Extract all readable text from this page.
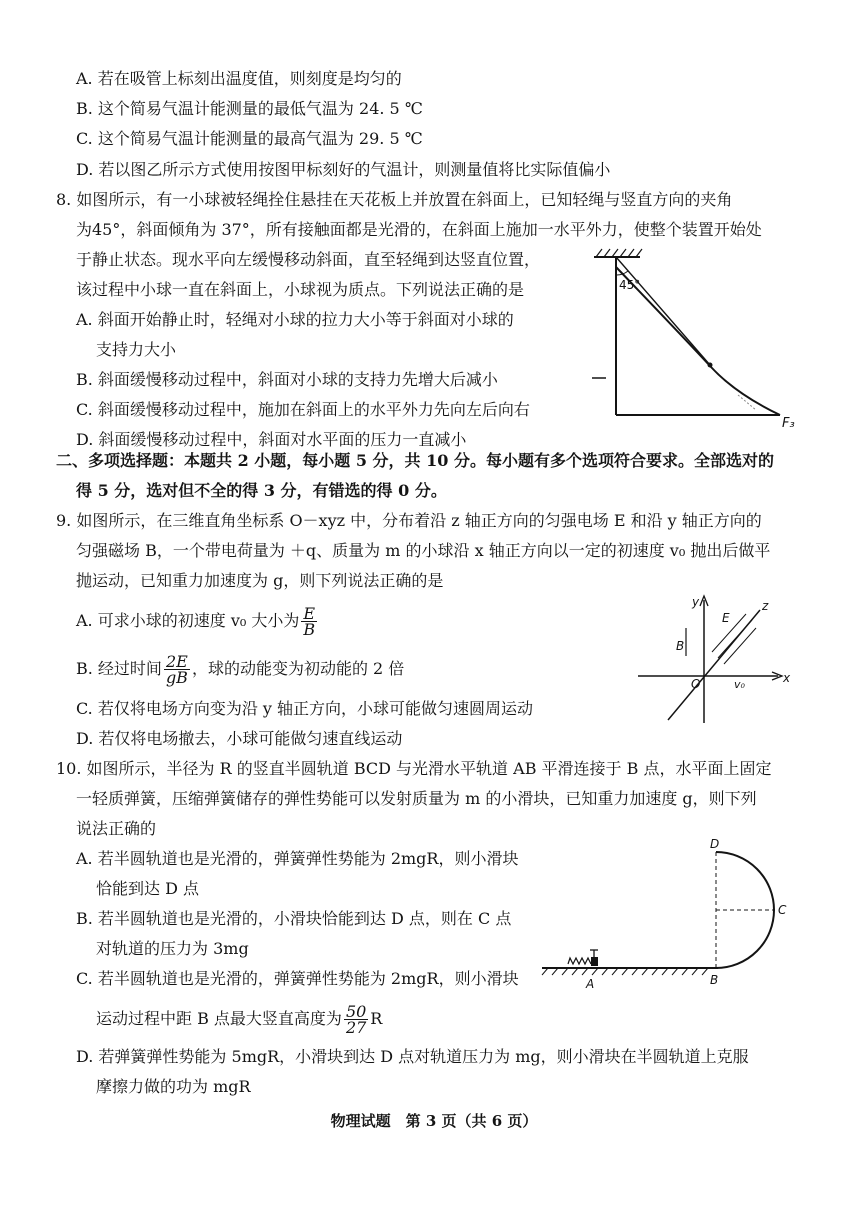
A. 若在吸管上标刻出温度值，则刻度是均匀的
B. 这个简易气温计能测量的最低气温为 24. 5 ℃
C. 这个简易气温计能测量的最高气温为 29. 5 ℃
D. 若以图乙所示方式使用按图甲标刻好的气温计，则测量值将比实际值偏小
8. 如图所示，有一小球被轻绳拴住悬挂在天花板上并放置在斜面上，已知轻绳与竖直方向的夹角
为45°，斜面倾角为 37°，所有接触面都是光滑的，在斜面上施加一水平外力，使整个装置开始处
于静止状态。现水平向左缓慢移动斜面，直至轻绳到达竖直位置，
该过程中小球一直在斜面上，小球视为质点。下列说法正确的是
A. 斜面开始静止时，轻绳对小球的拉力大小等于斜面对小球的
支持力大小
B. 斜面缓慢移动过程中，斜面对小球的支持力先增大后减小
C. 斜面缓慢移动过程中，施加在斜面上的水平外力先向左后向右
D. 斜面缓慢移动过程中，斜面对水平面的压力一直减小
45°
F₃
二、多项选择题：本题共 2 小题，每小题 5 分，共 10 分。每小题有多个选项符合要求。全部选对的
得 5 分，选对但不全的得 3 分，有错选的得 0 分。
9. 如图所示，在三维直角坐标系 O－xyz 中，分布着沿 z 轴正方向的匀强电场 E 和沿 y 轴正方向的
匀强磁场 B，一个带电荷量为 ＋q、质量为 m 的小球沿 x 轴正方向以一定的初速度 v₀ 抛出后做平
抛运动，已知重力加速度为 g，则下列说法正确的是
A. 可求小球的初速度 v₀ 大小为 $\frac{E}{B}$
B. 经过时间 $\frac{2E}{gB}$ ，球的动能变为初动能的 2 倍
C. 若仅将电场方向变为沿 y 轴正方向，小球可能做匀速圆周运动
D. 若仅将电场撤去，小球可能做匀速直线运动
y
x
z
E
B
O	v₀
10. 如图所示，半径为 R 的竖直半圆轨道 BCD 与光滑水平轨道 AB 平滑连接于 B 点，水平面上固定
一轻质弹簧，压缩弹簧储存的弹性势能可以发射质量为 m 的小滑块，已知重力加速度 g，则下列
说法正确的
A. 若半圆轨道也是光滑的，弹簧弹性势能为 2mgR，则小滑块
恰能到达 D 点
B. 若半圆轨道也是光滑的，小滑块恰能到达 D 点，则在 C 点
对轨道的压力为 3mg
C. 若半圆轨道也是光滑的，弹簧弹性势能为 2mgR，则小滑块
运动过程中距 B 点最大竖直高度为 $\frac{50}{27}$ R
D. 若弹簧弹性势能为 5mgR，小滑块到达 D 点对轨道压力为 mg，则小滑块在半圆轨道上克服
摩擦力做的功为 mgR
D
C
A	B
物理试题　第 3 页（共 6 页）
